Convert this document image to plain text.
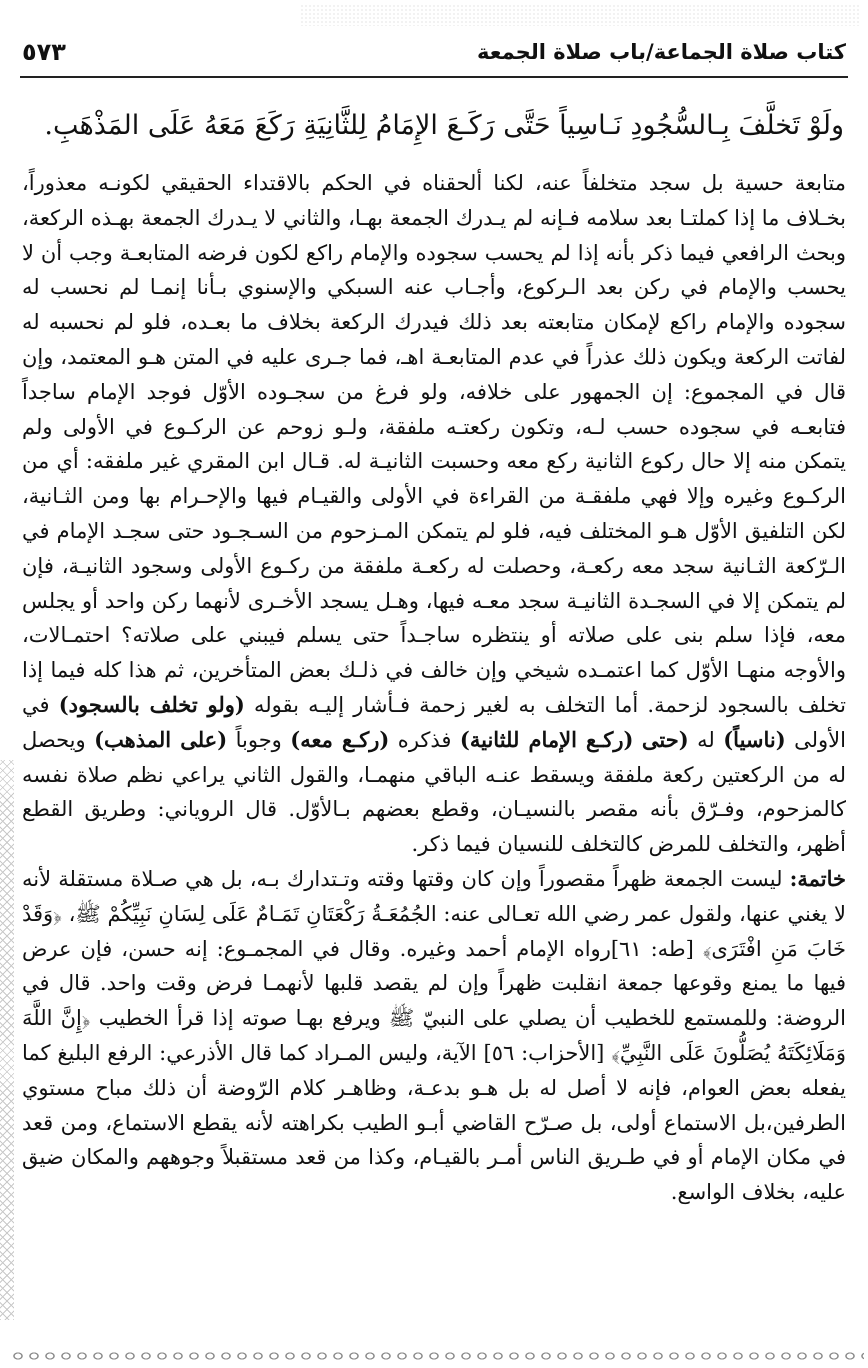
كتاب صلاة الجماعة/باب صلاة الجمعة
٥٧٣
ولَوْ تَخلَّفَ بِـالسُّجُودِ نَـاسِياً حَتَّى رَكَـعَ الإِمَامُ لِلثَّانِيَةِ رَكَعَ مَعَهُ عَلَى المَذْهَبِ.

متابعة حسية بل سجد متخلفاً عنه، لكنا ألحقناه في الحكم بالاقتداء الحقيقي لكونـه معذوراً، بخـلاف ما إذا كملتـا بعد سلامه فـإنه لم يـدرك الجمعة بهـا، والثاني لا يـدرك الجمعة بهـذه الركعة، وبحث الرافعي فيما ذكر بأنه إذا لم يحسب سجوده والإمام راكع لكون فرضه المتابعـة وجب أن لا يحسب والإمام في ركن بعد الـركوع، وأجـاب عنه السبكي والإسنوي بـأنا إنمـا لم نحسب له سجوده والإمام راكع لإمكان متابعته بعد ذلك فيدرك الركعة بخلاف ما بعـده، فلو لم نحسبه له لفاتت الركعة ويكون ذلك عذراً في عدم المتابعـة اهـ، فما جـرى عليه في المتن هـو المعتمد، وإن قال في المجموع: إن الجمهور على خلافه، ولو فرغ من سجـوده الأوّل فوجد الإمام ساجداً فتابعـه في سجوده حسب لـه، وتكون ركعتـه ملفقة، ولـو زوحم عن الركـوع في الأولى ولم يتمكن منه إلا حال ركوع الثانية ركع معه وحسبت الثانيـة له. قـال ابن المقري غير ملفقه: أي من الركـوع وغيره وإلا فهي ملفقـة من القراءة في الأولى والقيـام فيها والإحـرام بها ومن الثـانية، لكن التلفيق الأوّل هـو المختلف فيه، فلو لم يتمكن المـزحوم من السـجـود حتى سجـد الإمام في الـرّكعة الثـانية سجد معه ركعـة، وحصلت له ركعـة ملفقة من ركـوع الأولى وسجود الثانيـة، فإن لم يتمكن إلا في السجـدة الثانيـة سجد معـه فيها، وهـل يسجد الأخـرى لأنهما ركن واحد أو يجلس معه، فإذا سلم بنى على صلاته أو ينتظره ساجـداً حتى يسلم فيبني على صلاته؟ احتمـالات، والأوجه منهـا الأوّل كما اعتمـده شيخي وإن خالف في ذلـك بعض المتأخرين، ثم هذا كله فيما إذا تخلف بالسجود لزحمة. أما التخلف به لغير زحمة فـأشار إليـه بقوله (ولو تخلف بالسجود) في الأولى (ناسياً) له (حتى (ركـع الإمام للثانية) فذكره (ركـع معه) وجوباً (على المذهب) ويحصل له من الركعتين ركعة ملفقة ويسقط عنـه الباقي منهمـا، والقول الثاني يراعي نظم صلاة نفسه كالمزحوم، وفـرّق بأنه مقصر بالنسيـان، وقطع بعضهم بـالأوّل. قال الروياني: وطريق القطع أظهر، والتخلف للمرض كالتخلف للنسيان فيما ذكر.

خاتمة: ليست الجمعة ظهراً مقصوراً وإن كان وقتها وقته وتـتدارك بـه، بل هي صـلاة مستقلة لأنه لا يغني عنها، ولقول عمر رضي الله تعـالى عنه: الجُمُعَـةُ رَكْعَتَانِ تَمَـامٌ عَلَى لِسَانِ نَبِيِّكُمْ ﷺ، ﴿وَقَدْ خَابَ مَنِ افْتَرَى﴾ [طه: ٦١]رواه الإمام أحمد وغيره. وقال في المجمـوع: إنه حسن، فإن عرض فيها ما يمنع وقوعها جمعة انقلبت ظهراً وإن لم يقصد قلبها لأنهمـا فرض وقت واحد. قال في الروضة: وللمستمع للخطيب أن يصلي على النبيّ ﷺ ويرفع بهـا صوته إذا قرأ الخطيب ﴿إِنَّ اللَّهَ وَمَلَائِكَتَهُ يُصَلُّونَ عَلَى النَّبِيِّ﴾ [الأحزاب: ٥٦] الآية، وليس المـراد كما قال الأذرعي: الرفع البليغ كما يفعله بعض العوام، فإنه لا أصل له بل هـو بدعـة، وظاهـر كلام الرّوضة أن ذلك مباح مستوي الطرفين،بل الاستماع أولى، بل صـرّح القاضي أبـو الطيب بكراهته لأنه يقطع الاستماع، ومن قعد في مكان الإمام أو في طـريق الناس أمـر بالقيـام، وكذا من قعد مستقبلاً وجوههم والمكان ضيق عليه، بخلاف الواسع.
